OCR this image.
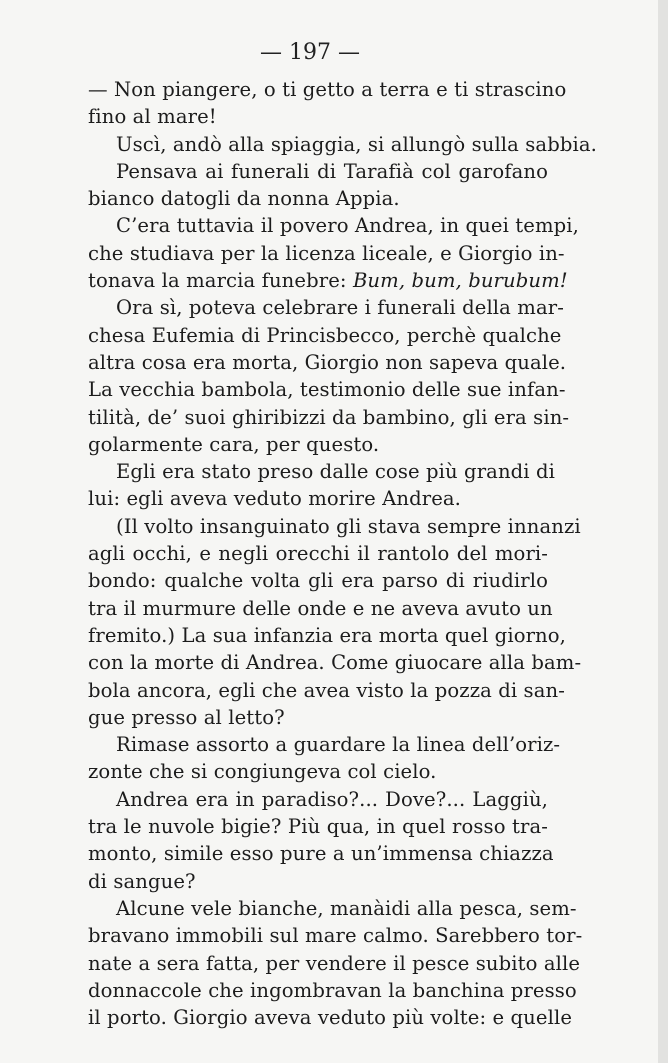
— 197 —
— Non piangere, o ti getto a terra e ti strascino
fino al mare!
Uscì, andò alla spiaggia, si allungò sulla sabbia.
Pensava ai funerali di Tarafià col garofano
bianco datogli da nonna Appia.
C’era tuttavia il povero Andrea, in quei tempi,
che studiava per la licenza liceale, e Giorgio in-
tonava la marcia funebre: Bum, bum, burubum!
Ora sì, poteva celebrare i funerali della mar-
chesa Eufemia di Princisbecco, perchè qualche
altra cosa era morta, Giorgio non sapeva quale.
La vecchia bambola, testimonio delle sue infan-
tilità, de’ suoi ghiribizzi da bambino, gli era sin-
golarmente cara, per questo.
Egli era stato preso dalle cose più grandi di
lui: egli aveva veduto morire Andrea.
(Il volto insanguinato gli stava sempre innanzi
agli occhi, e negli orecchi il rantolo del mori-
bondo: qualche volta gli era parso di riudirlo
tra il murmure delle onde e ne aveva avuto un
fremito.) La sua infanzia era morta quel giorno,
con la morte di Andrea. Come giuocare alla bam-
bola ancora, egli che avea visto la pozza di san-
gue presso al letto?
Rimase assorto a guardare la linea dell’oriz-
zonte che si congiungeva col cielo.
Andrea era in paradiso?... Dove?... Laggiù,
tra le nuvole bigie? Più qua, in quel rosso tra-
monto, simile esso pure a un’immensa chiazza
di sangue?
Alcune vele bianche, manàidi alla pesca, sem-
bravano immobili sul mare calmo. Sarebbero tor-
nate a sera fatta, per vendere il pesce subito alle
donnaccole che ingombravan la banchina presso
il porto. Giorgio aveva veduto più volte: e quelle
